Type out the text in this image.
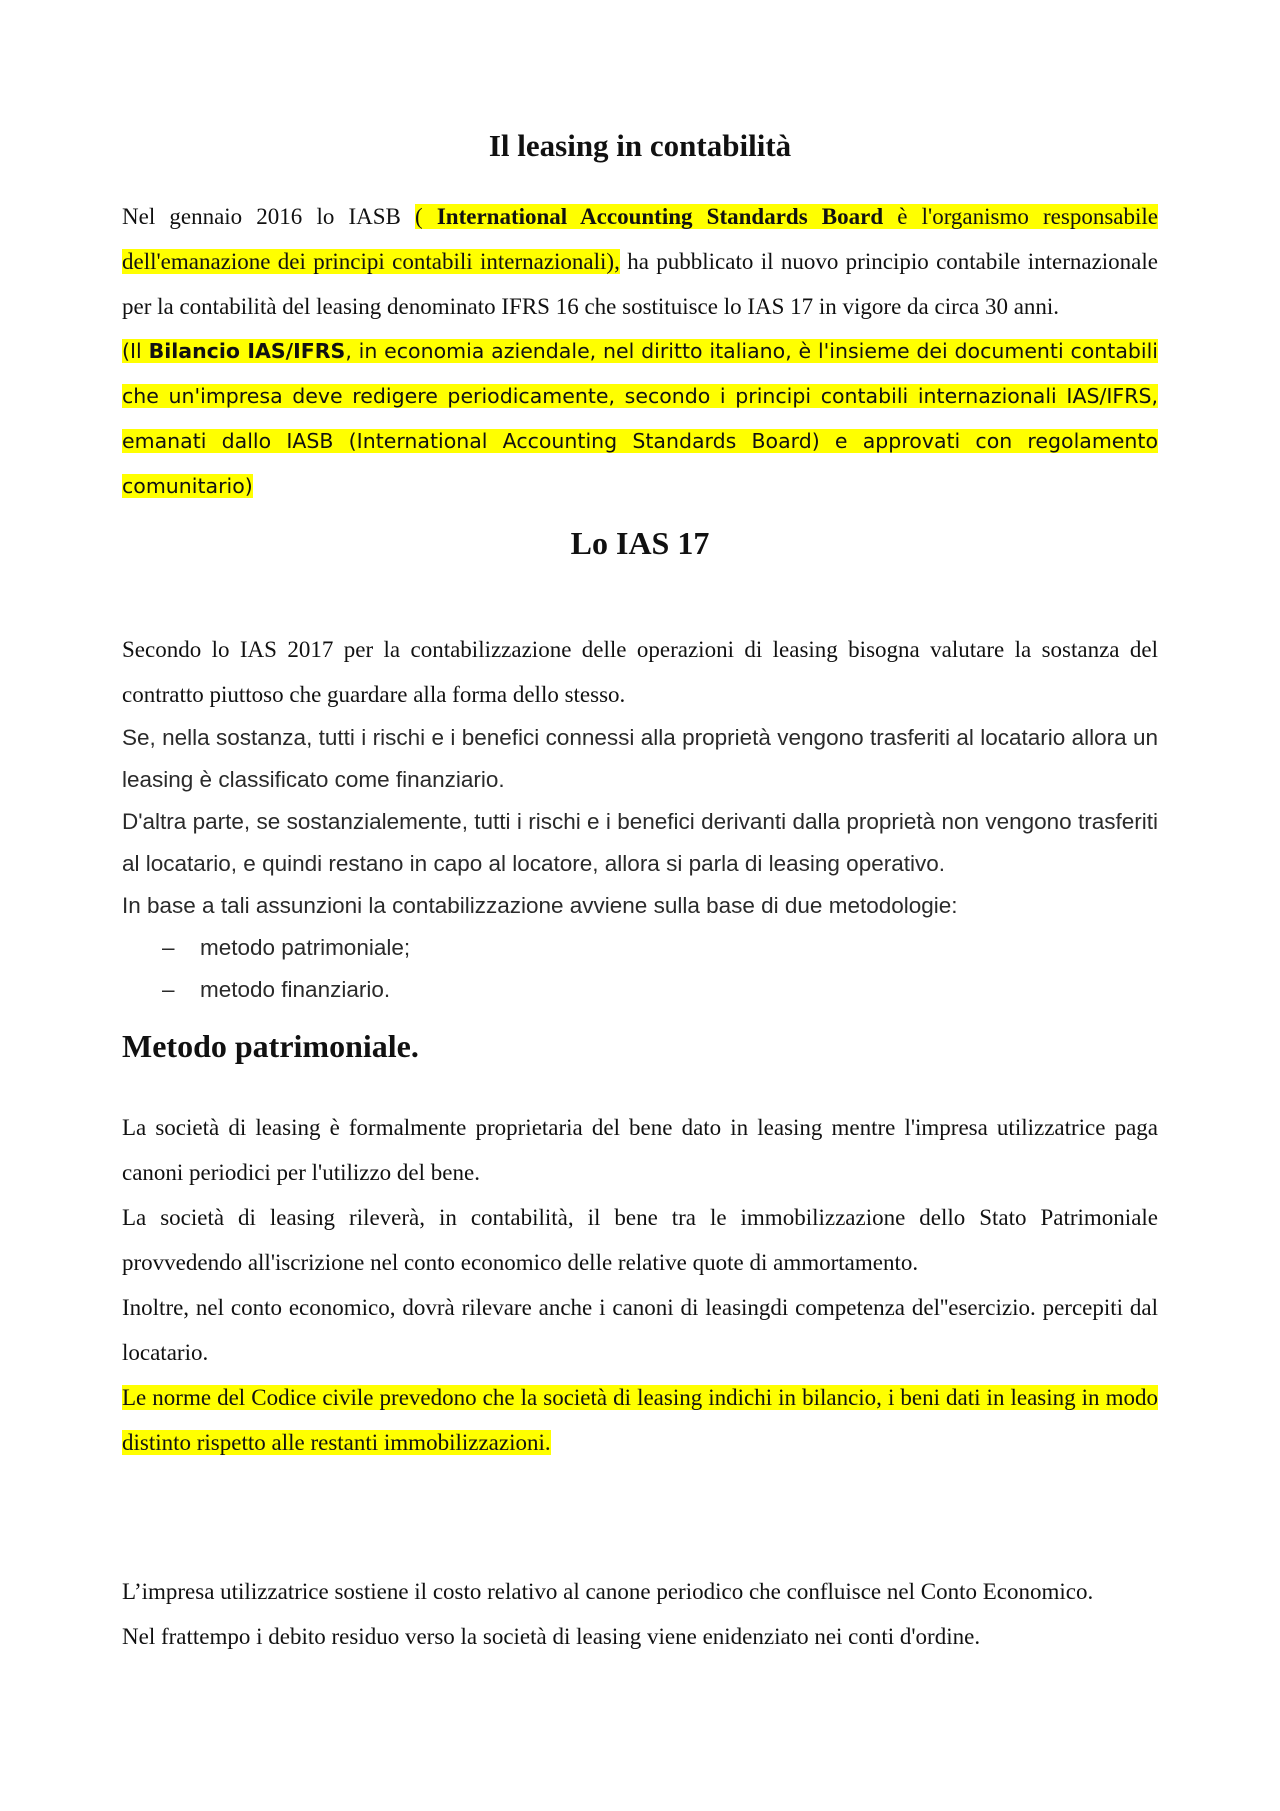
Il leasing in contabilità

Nel gennaio 2016 lo IASB ( International Accounting Standards Board è l'organismo responsabile dell'emanazione dei principi contabili internazionali), ha pubblicato il nuovo principio contabile internazionale per la contabilità del leasing denominato IFRS 16 che sostituisce lo IAS 17 in vigore da circa 30 anni.

(Il Bilancio IAS/IFRS, in economia aziendale, nel diritto italiano, è l'insieme dei documenti contabili che un'impresa deve redigere periodicamente, secondo i principi contabili internazionali IAS/IFRS, emanati dallo IASB (International Accounting Standards Board) e approvati con regolamento comunitario)

Lo IAS 17

Secondo lo IAS 2017 per la contabilizzazione delle operazioni di leasing bisogna valutare la sostanza del contratto piuttoso che guardare alla forma dello stesso.

Se, nella sostanza, tutti i rischi e i benefici connessi alla proprietà vengono trasferiti al locatario allora un leasing è classificato come finanziario.

D'altra parte, se sostanzialemente, tutti i rischi e i benefici derivanti dalla proprietà non vengono trasferiti al locatario, e quindi restano in capo al locatore, allora si parla di leasing operativo.

In base a tali assunzioni la contabilizzazione avviene sulla base di due metodologie:

– metodo patrimoniale;
– metodo finanziario.
Metodo patrimoniale.

La società di leasing è formalmente proprietaria del bene dato in leasing mentre l'impresa utilizzatrice paga canoni periodici per l'utilizzo del bene.

La società di leasing rileverà, in contabilità, il bene tra le immobilizzazione dello Stato Patrimoniale provvedendo all'iscrizione nel conto economico delle relative quote di ammortamento.

Inoltre, nel conto economico, dovrà rilevare anche i canoni di leasingdi competenza del''esercizio. percepiti dal locatario.

Le norme del Codice civile prevedono che la società di leasing indichi in bilancio, i beni dati in leasing in modo distinto rispetto alle restanti immobilizzazioni.

L’impresa utilizzatrice sostiene il costo relativo al canone periodico che confluisce nel Conto Economico.

Nel frattempo i debito residuo verso la società di leasing viene enidenziato nei conti d'ordine.
